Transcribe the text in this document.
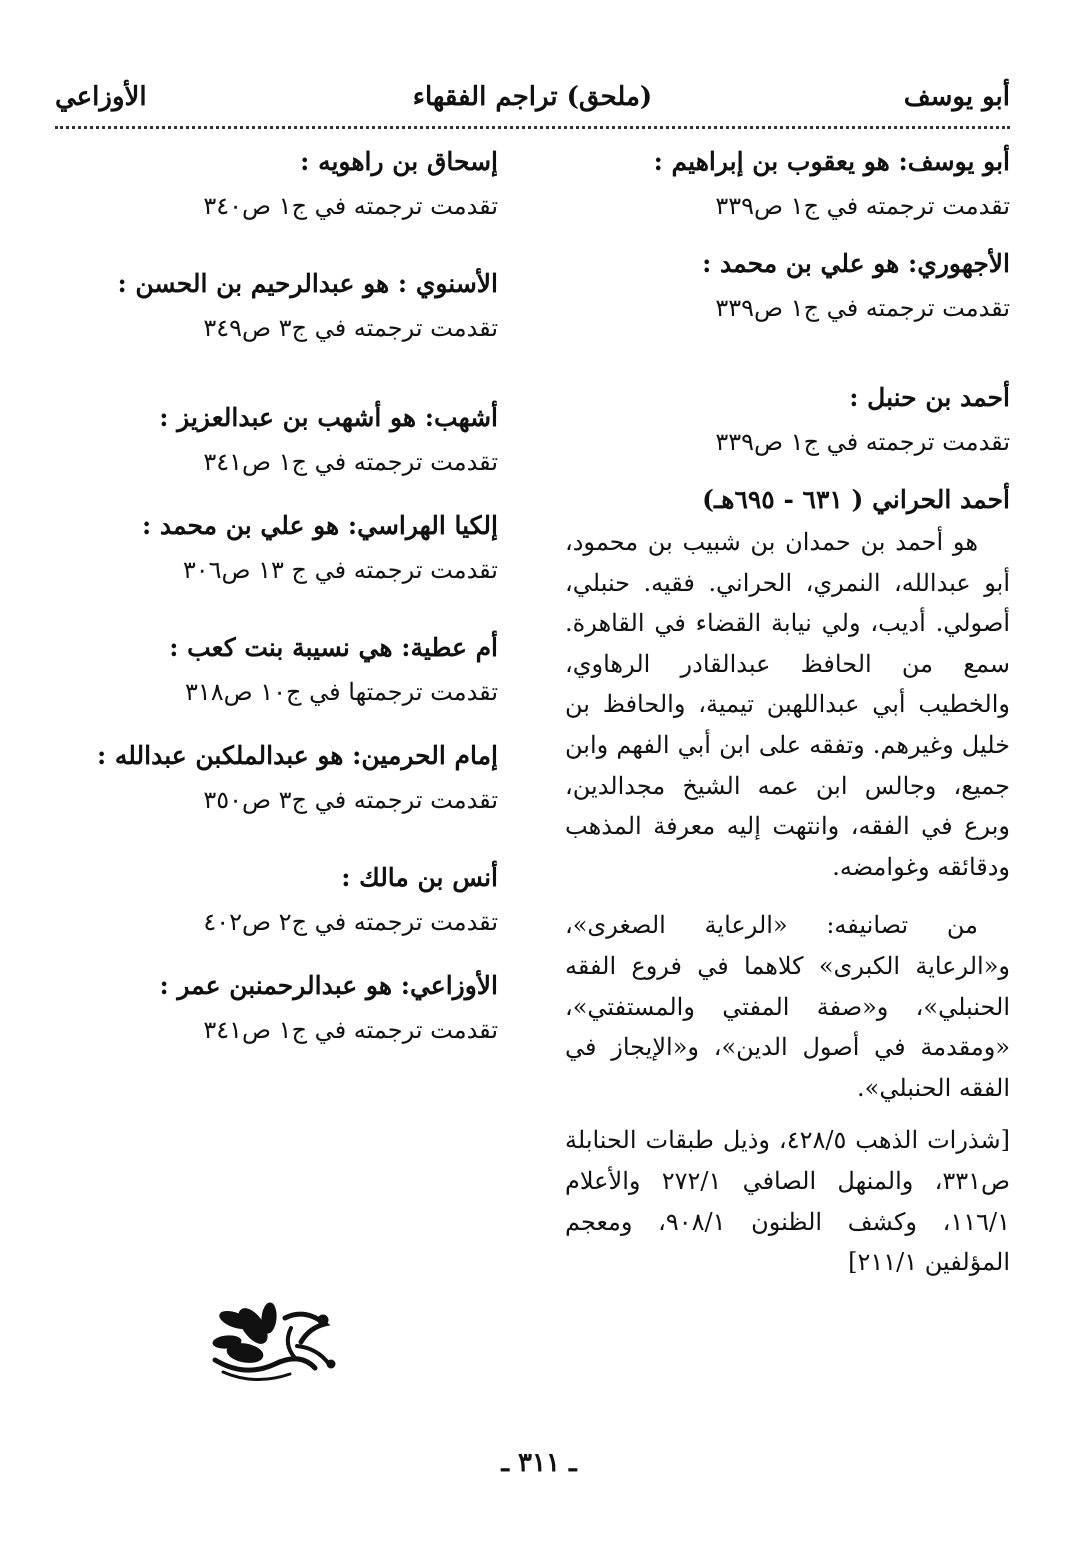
أبو يوسف
(ملحق) تراجم الفقهاء
الأوزاعي
أبو يوسف: هو يعقوب بن إبراهيم :
تقدمت ترجمته في ج١ ص٣٣٩
الأجهوري: هو علي بن محمد :
تقدمت ترجمته في ج١ ص٣٣٩
أحمد بن حنبل :
تقدمت ترجمته في ج١ ص٣٣٩
أحمد الحراني ( ٦٣١ - ٦٩٥هـ)
هو أحمد بن حمدان بن شبيب بن محمود، أبو عبدالله، النمري، الحراني. فقيه. حنبلي، أصولي. أديب، ولي نيابة القضاء في القاهرة. سمع من الحافظ عبدالقادر الرهاوي، والخطيب أبي عبداللهبن تيمية، والحافظ بن خليل وغيرهم. وتفقه على ابن أبي الفهم وابن جميع، وجالس ابن عمه الشيخ مجدالدين، وبرع في الفقه، وانتهت إليه معرفة المذهب ودقائقه وغوامضه.
من تصانيفه: «الرعاية الصغرى»، و«الرعاية الكبرى» كلاهما في فروع الفقه الحنبلي»، و«صفة المفتي والمستفتي»، «ومقدمة في أصول الدين»، و«الإيجاز في الفقه الحنبلي».
[شذرات الذهب ٤٢٨/٥، وذيل طبقات الحنابلة ص٣٣١، والمنهل الصافي ٢٧٢/١ والأعلام ١١٦/١، وكشف الظنون ٩٠٨/١، ومعجم المؤلفين ٢١١/١]
إسحاق بن راهويه :
تقدمت ترجمته في ج١ ص٣٤٠
الأسنوي : هو عبدالرحيم بن الحسن :
تقدمت ترجمته في ج٣ ص٣٤٩
أشهب: هو أشهب بن عبدالعزيز :
تقدمت ترجمته في ج١ ص٣٤١
إلكيا الهراسي: هو علي بن محمد :
تقدمت ترجمته في ج ١٣ ص٣٠٦
أم عطية: هي نسيبة بنت كعب :
تقدمت ترجمتها في ج١٠ ص٣١٨
إمام الحرمين: هو عبدالملكبن عبدالله :
تقدمت ترجمته في ج٣ ص٣٥٠
أنس بن مالك :
تقدمت ترجمته في ج٢ ص٤٠٢
الأوزاعي: هو عبدالرحمنبن عمر :
تقدمت ترجمته في ج١ ص٣٤١
ـ ٣١١ ـ
